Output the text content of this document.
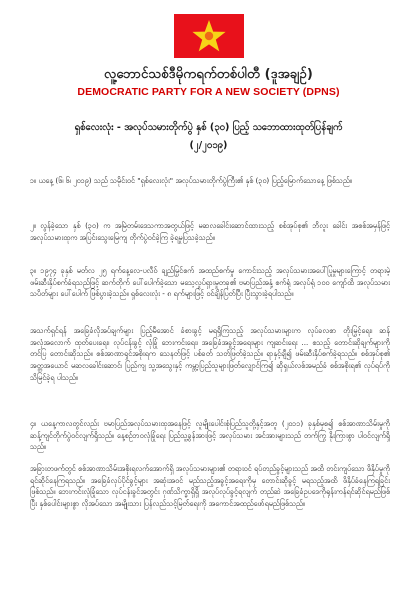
လူ့ဘောင်သစ်ဒီမိုကရက်တစ်ပါတီ (ဒူအချဉ်)
DEMOCRATIC PARTY FOR A NEW SOCIETY (DPNS)
ရှစ်လေးလုံး - အလုပ်သမားတိုက်ပွဲ နှစ် (၃၀) ပြည့် သဘောထားထုတ်ပြန်ချက်
(၂/၂၀၁၉)

၁။ ယနေ့ (၆၊ ၆၊ ၂၀၁၉) သည် သမိုင်းဝင် "ရှစ်လေးလုံး" အလုပ်သမားတိုက်ပွဲကြီး၏ နှစ် (၃၀) ပြည့်မြောက်သောနေ့ ဖြစ်သည်။

၂။ လွန်ခဲ့သော နှစ် (၃၀) က အမြဲတမ်းဒေသကာအတွယ်ဖြင့် မဆလခေါင်းဆောင်ထားသည့် စစ်အုပ်စု၏ ဘိလူး ခေါင်း အစစ်အမှန်ဖြင့် အလုပ်သမားထုက အပြင်းသွေးမြေကျ တိုက်ပွဲဝင်ခဲ့ကြ ခဲ့ရမှုပြသခဲ့သည်။

၃။ ၁၉၇၄ ခုနှစ် မတ်လ ၂၅ ရက်နေ့လေ-ပလီဝ် ချည်မြှင်စက် အထည်စက်မှု ကောင်းသည့် အလုပ်သမားအပေါ်ပြုမှုများကြောင့် တရားမဲ့ ဖမ်းဆီးနှိပ်စက်ခံရသည်ဖြင့် ဆက်တိုက် ပေါ်ပေါက်ခဲ့သော မသေ့လှုပ်ရှားမှုတခု၏ ဗမာပြည်အနှံ့ စက်ရုံ အလုပ်ရုံ ၁၀၀ ကျော်ထိ အလုပ်သမားသပိတ်များ ပေါ်ပေါက် ဖြစ်ပွားခဲ့သည်။ ရှစ်လေးလုံး - ၈ ရက်များဖြင့် ဝင်ချိန်ပြတ်ပြီး ပြီးသွားခဲ့ရပါသည်။

အသက်ရှင်ရန် အခြေခံလိုအပ်ချက်များ ပြည့်မီအောင် ခံစားခွင့် မရရှိကြသည့် အလုပ်သမားများက လုပ်ခလစာ တိုးမြှင့်ရေး၊ ဆန် အလုံအလောက် ထုတ်ပေးရေး၊ လုပ်ငန်းခွင့် လုံခြုံ ဘေးကင်းရေး၊ အခြေခံအခွင့်အရေးများ ကျဆင်းရေး ... စသည့် တောင်းဆိုချက်များကို တင်ပြ တောင်းဆိုသည်။ စစ်အာဏာရှင်အစိုးရက သေနတ်ဖြင့် ပစ်ခတ် သတ်ဖြတ်ခဲ့သည်။ ရာနှင့်ချီ၍ ဖမ်းဆီးနှိပ်စက်ခဲ့ရသည်။ စစ်အုပ်စု၏ အတ္တအယောင် မဆလခေါင်းဆောင်၊ ပြည်ကျ သူ့အသွေးနှင့် ကမ္ဘာ့ပြည်သူများဖြတ်လျှောင်ကြ၍ ဆိုရှယ်လစ်အမည်ခံ စစ်အစိုးရ၏ လုပ်ရပ်ကို သိမြင်ခဲ့ရ ပါသည်။

၄။ ယနေ့ကာလတွင်လည်း ဗမာပြည်အလုပ်သမားထုအနေဖြင့် လူမျိုးပေါင်းစုံပြည်သူတို့နှင့်အတူ (၂၀၁၁) ခုနှစ်မှစ၍ စစ်အာဏာသိမ်းမှုကို ဆန့်ကျင်တိုက်ပွဲဝင်လျက်ရှိသည်။ နေ့စဉ်ဘဝလုံခြုံရေး ပြည်သူ့ခွန်အားဖြင့် အလုပ်သမား အင်အားများသည် တက်ကြွ နိုးကြားစွာ ပါဝင်လျက်ရှိသည်။

အခြားတဖက်တွင် စစ်အာဏာသိမ်းအစိုးရလက်အောက်ရှိ အလုပ်သမားများ၏ တရားဝင် ရပ်တည်ခွင့်များသည် အထိ တင်းကျပ်သော ဖိနှိပ်မှုကို ရင်ဆိုင်နေကြရသည်။ အခြေခံလုပ်ပိုင်ခွင့်များ အဆုံးအဝင် မည်သည့်အခွင့်အရေးကိုမှ တောင်းဆိုခွင့် မရသည့်အထိ ဖိနှိပ်ခံနေကြရခြင်း ဖြစ်သည်။ ဘေးကင်းလုံခြုံသော လုပ်ငန်းခွင်အတွင်း ဂုဏ်သိက္ခာရှိရှိ အလုပ်လုပ်ခွင့်ရလျက် တည်ဆဲ အခြေခံဥပဒေကိုရုန်းကန်ရင်ဆိုင်ရမည်ဖြစ်ပြီး နှစ်ပေါင်းများစွာ လိုအပ်သော အမျိုးသား ပြန်လည်သင့်မြတ်ရေးကို အကောင်အထည်ဖော်ရမည်ဖြစ်သည်။
